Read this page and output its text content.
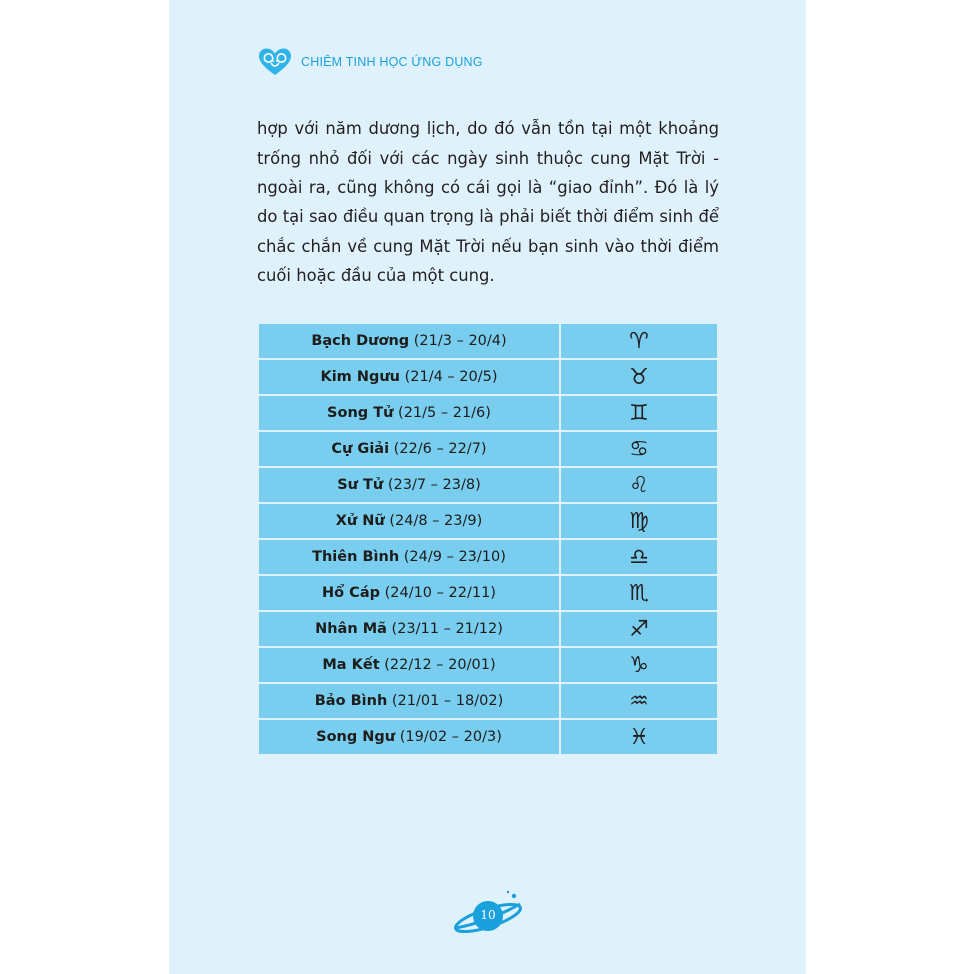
CHIÊM TINH HỌC ỨNG DỤNG

hợp với năm dương lịch, do đó vẫn tồn tại một khoảng trống nhỏ đối với các ngày sinh thuộc cung Mặt Trời - ngoài ra, cũng không có cái gọi là “giao đỉnh”. Đó là lý do tại sao điều quan trọng là phải biết thời điểm sinh để chắc chắn về cung Mặt Trời nếu bạn sinh vào thời điểm cuối hoặc đầu của một cung.

Bạch Dương (21/3 – 20/4)	♈︎
Kim Ngưu (21/4 – 20/5)	♉︎
Song Tử (21/5 – 21/6)	♊︎
Cự Giải (22/6 – 22/7)	♋︎
Sư Tử (23/7 – 23/8)	♌︎
Xử Nữ (24/8 – 23/9)	♍︎
Thiên Bình (24/9 – 23/10)	♎︎
Hổ Cáp (24/10 – 22/11)	♏︎
Nhân Mã (23/11 – 21/12)	♐︎
Ma Kết (22/12 – 20/01)	♑︎
Bảo Bình (21/01 – 18/02)	♒︎
Song Ngư (19/02 – 20/3)	♓︎
10
